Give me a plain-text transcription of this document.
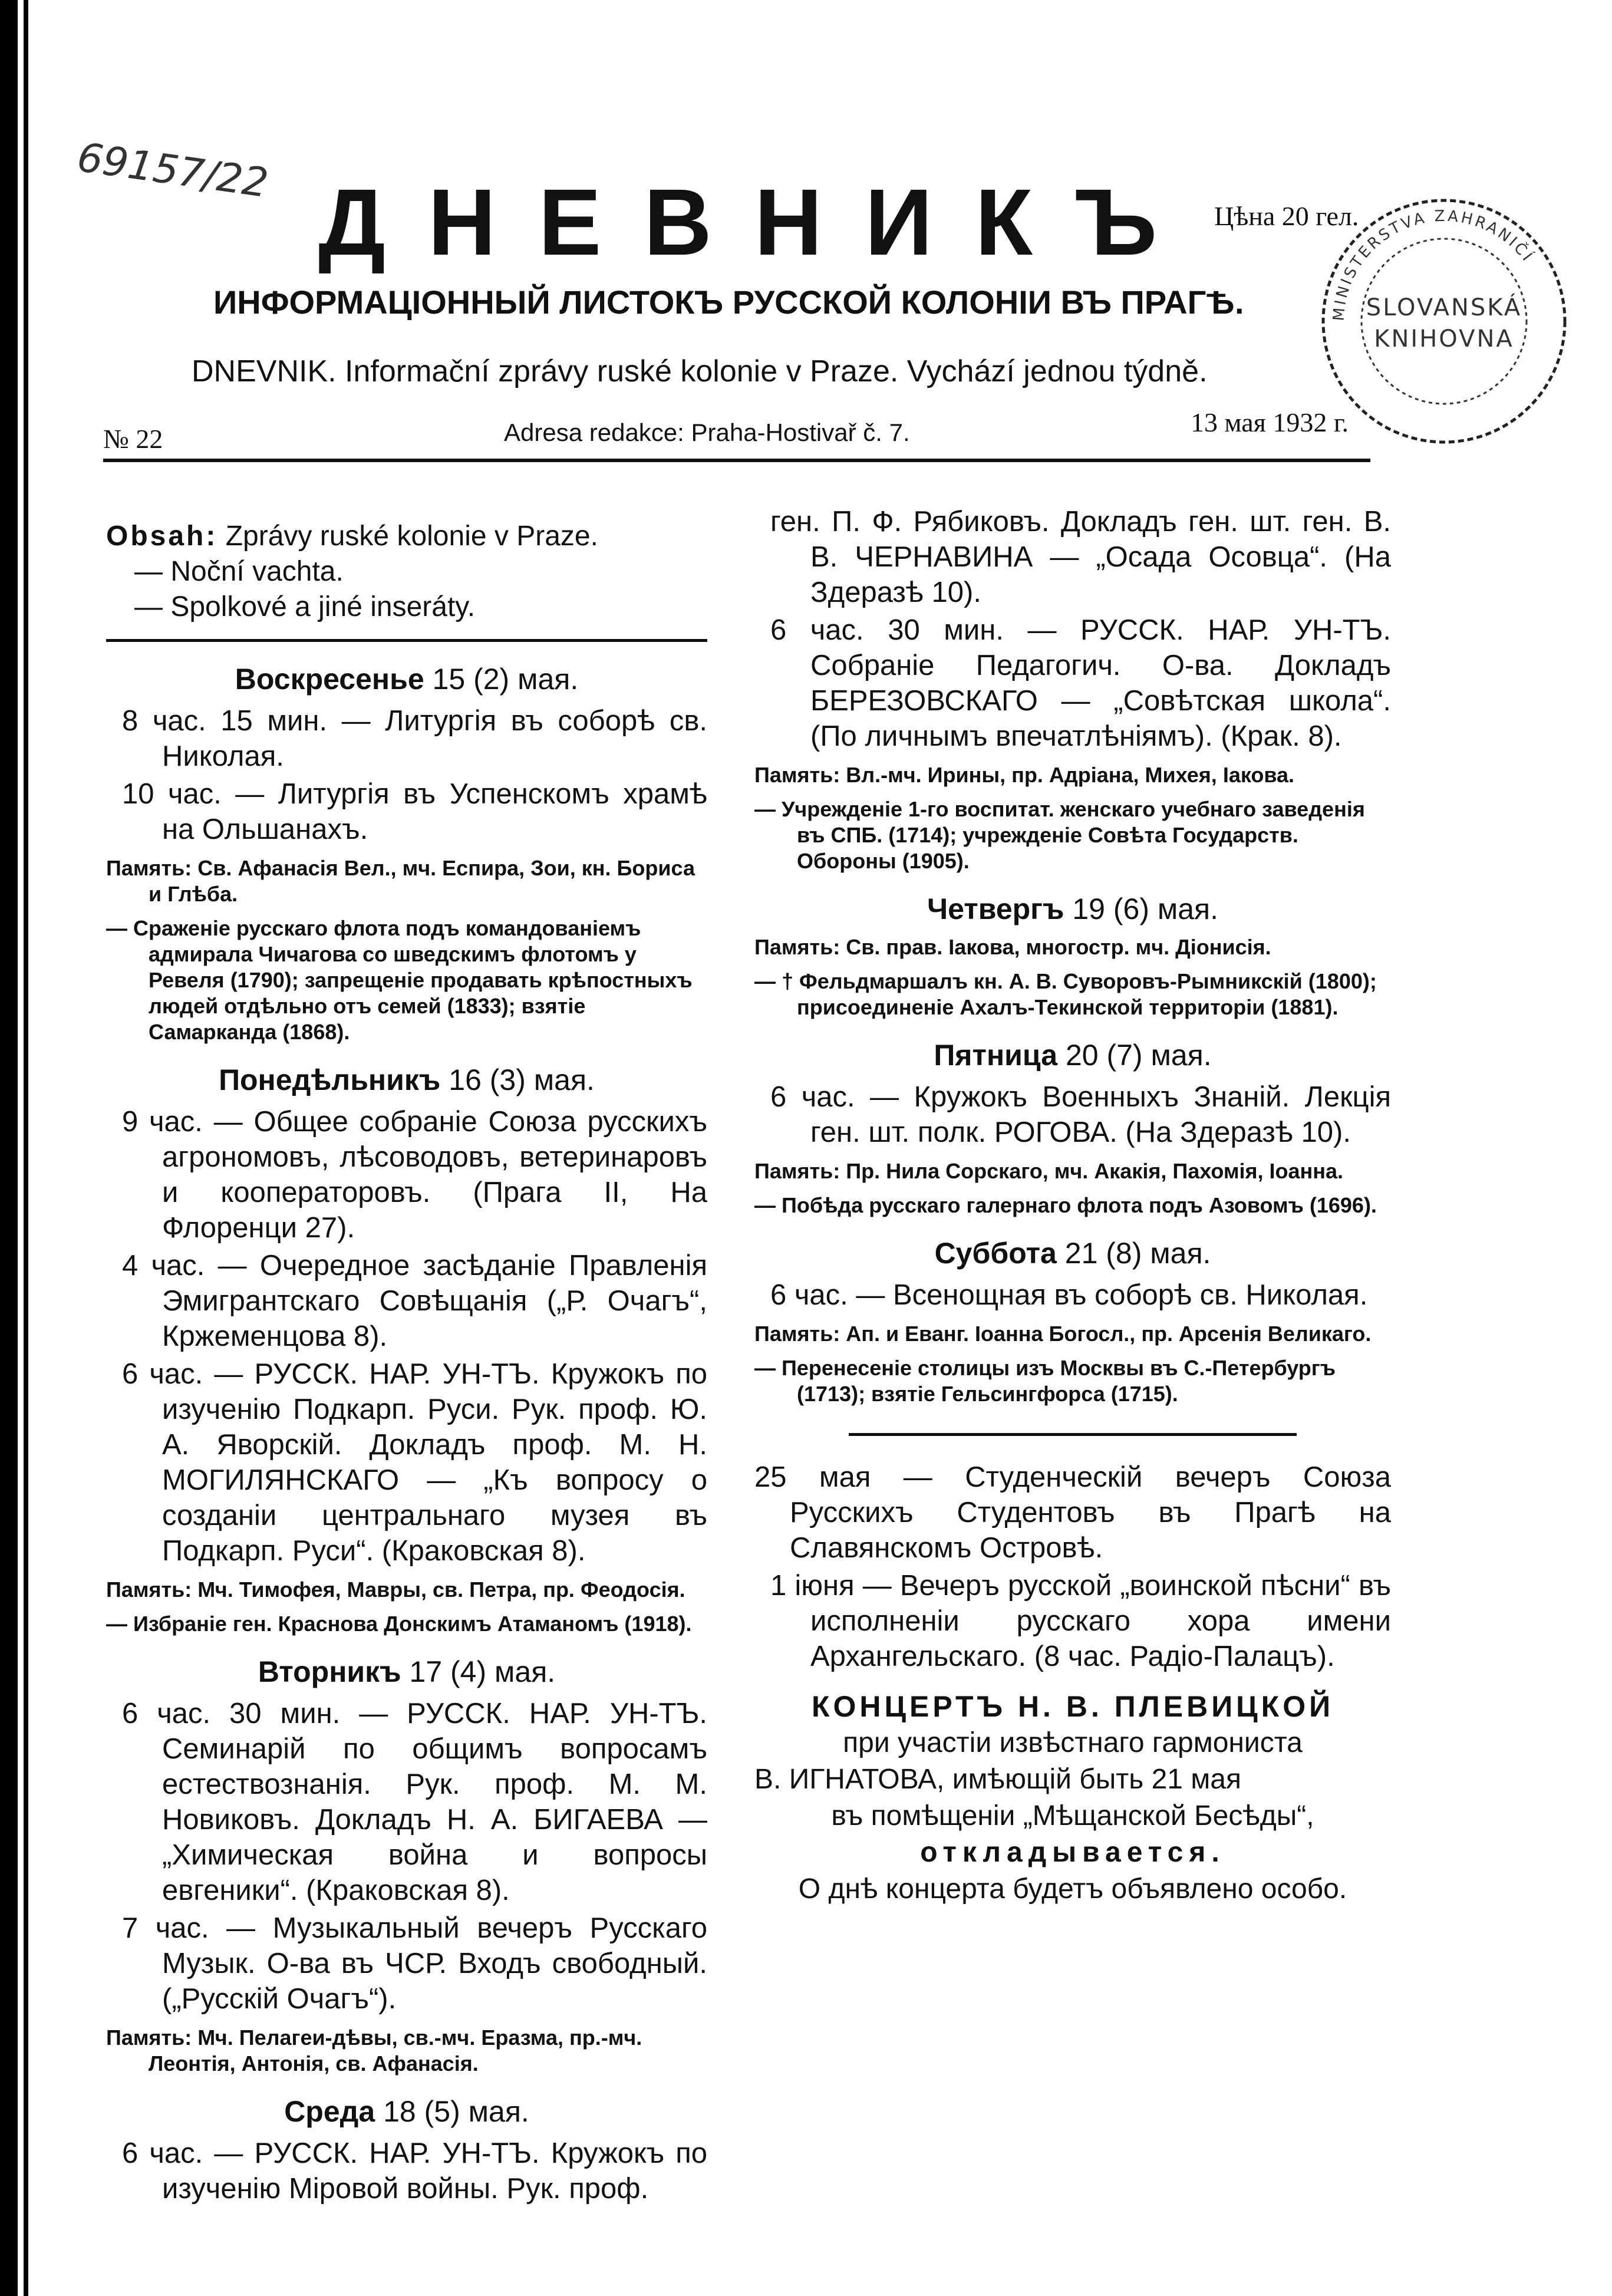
69157/22 ДНЕВНИКЪ Цѣна 20 гел.
ИНФОРМАЦІОННЫЙ ЛИСТОКЪ РУССКОЙ КОЛОНІИ ВЪ ПРАГѢ.
DNEVNIK. Informační zprávy ruské kolonie v Praze. Vychází jednou týdně.
№ 22	Adresa redakce: Praha-Hostivař č. 7.	13 мая 1932 г.
MINISTERSTVA ZAHRANIČÍ
SLOVANSKÁ
KNIHOVNA
Obsah: Zprávy ruské kolonie v Praze.
— Noční vachta.
— Spolkové a jiné inseráty.
Воскресенье 15 (2) мая.

8 час. 15 мин. — Литургія въ соборѣ св. Николая.

10 час. — Литургія въ Успенскомъ храмѣ на Ольшанахъ.

Память: Св. Афанасія Вел., мч. Еспира, Зои, кн. Бориса и Глѣба.

— Сраженіе русскаго флота подъ командованіемъ адмирала Чичагова со шведскимъ флотомъ у Ревеля (1790); запрещеніе продавать крѣпостныхъ людей отдѣльно отъ семей (1833); взятіе Самарканда (1868).

Понедѣльникъ 16 (3) мая.

9 час. — Общее собраніе Союза русскихъ агрономовъ, лѣсоводовъ, ветеринаровъ и кооператоровъ. (Прага II, На Флоренци 27).

4 час. — Очередное засѣданіе Правленія Эмигрантскаго Совѣщанія („Р. Очагъ“, Кржеменцова 8).

6 час. — РУССК. НАР. УН-ТЪ. Кружокъ по изученію Подкарп. Руси. Рук. проф. Ю. А. Яворскій. Докладъ проф. М. Н. МОГИЛЯНСКАГО — „Къ вопросу о созданіи центральнаго музея въ Подкарп. Руси“. (Краковская 8).

Память: Мч. Тимофея, Мавры, св. Петра, пр. Феодосія.

— Избраніе ген. Краснова Донскимъ Атаманомъ (1918).

Вторникъ 17 (4) мая.

6 час. 30 мин. — РУССК. НАР. УН-ТЪ. Семинарій по общимъ вопросамъ естествознанія. Рук. проф. М. М. Новиковъ. Докладъ Н. А. БИГАЕВА — „Химическая война и вопросы евгеники“. (Краковская 8).

7 час. — Музыкальный вечеръ Русскаго Музык. О-ва въ ЧСР. Входъ свободный. („Русскій Очагъ“).

Память: Мч. Пелагеи-дѣвы, св.-мч. Еразма, пр.-мч. Леонтія, Антонія, св. Афанасія.

Среда 18 (5) мая.

6 час. — РУССК. НАР. УН-ТЪ. Кружокъ по изученію Міровой войны. Рук. проф.

ген. П. Ф. Рябиковъ. Докладъ ген. шт. ген. В. В. ЧЕРНАВИНА — „Осада Осовца“. (На Здеразѣ 10).

6 час. 30 мин. — РУССК. НАР. УН-ТЪ. Собраніе Педагогич. О-ва. Докладъ БЕРЕЗОВСКАГО — „Совѣтская школа“. (По личнымъ впечатлѣніямъ). (Крак. 8).

Память: Вл.-мч. Ирины, пр. Адріана, Михея, Іакова.

— Учрежденіе 1-го воспитат. женскаго учебнаго заведенія въ СПБ. (1714); учрежденіе Совѣта Государств. Обороны (1905).

Четвергъ 19 (6) мая.

Память: Св. прав. Іакова, многостр. мч. Діонисія.

— † Фельдмаршалъ кн. А. В. Суворовъ-Рымникскій (1800); присоединеніе Ахалъ-Текинской территоріи (1881).

Пятница 20 (7) мая.

6 час. — Кружокъ Военныхъ Знаній. Лекція ген. шт. полк. РОГОВА. (На Здеразѣ 10).

Память: Пр. Нила Сорскаго, мч. Акакія, Пахомія, Іоанна.

— Побѣда русскаго галернаго флота подъ Азовомъ (1696).

Суббота 21 (8) мая.

6 час. — Всенощная въ соборѣ св. Николая.

Память: Ап. и Еванг. Іоанна Богосл., пр. Арсенія Великаго.

— Перенесеніе столицы изъ Москвы въ С.-Петербургъ (1713); взятіе Гельсингфорса (1715).

25 мая — Студенческій вечеръ Союза Русскихъ Студентовъ въ Прагѣ на Славянскомъ Островѣ.

1 іюня — Вечеръ русской „воинской пѣсни“ въ исполненіи русскаго хора имени Архангельскаго. (8 час. Радіо-Палацъ).

КОНЦЕРТЪ Н. В. ПЛЕВИЦКОЙ
при участіи извѣстнаго гармониста
В. ИГНАТОВА, имѣющій быть 21 мая
въ помѣщеніи „Мѣщанской Бесѣды“,
откладывается.
О днѣ концерта будетъ объявлено особо.
